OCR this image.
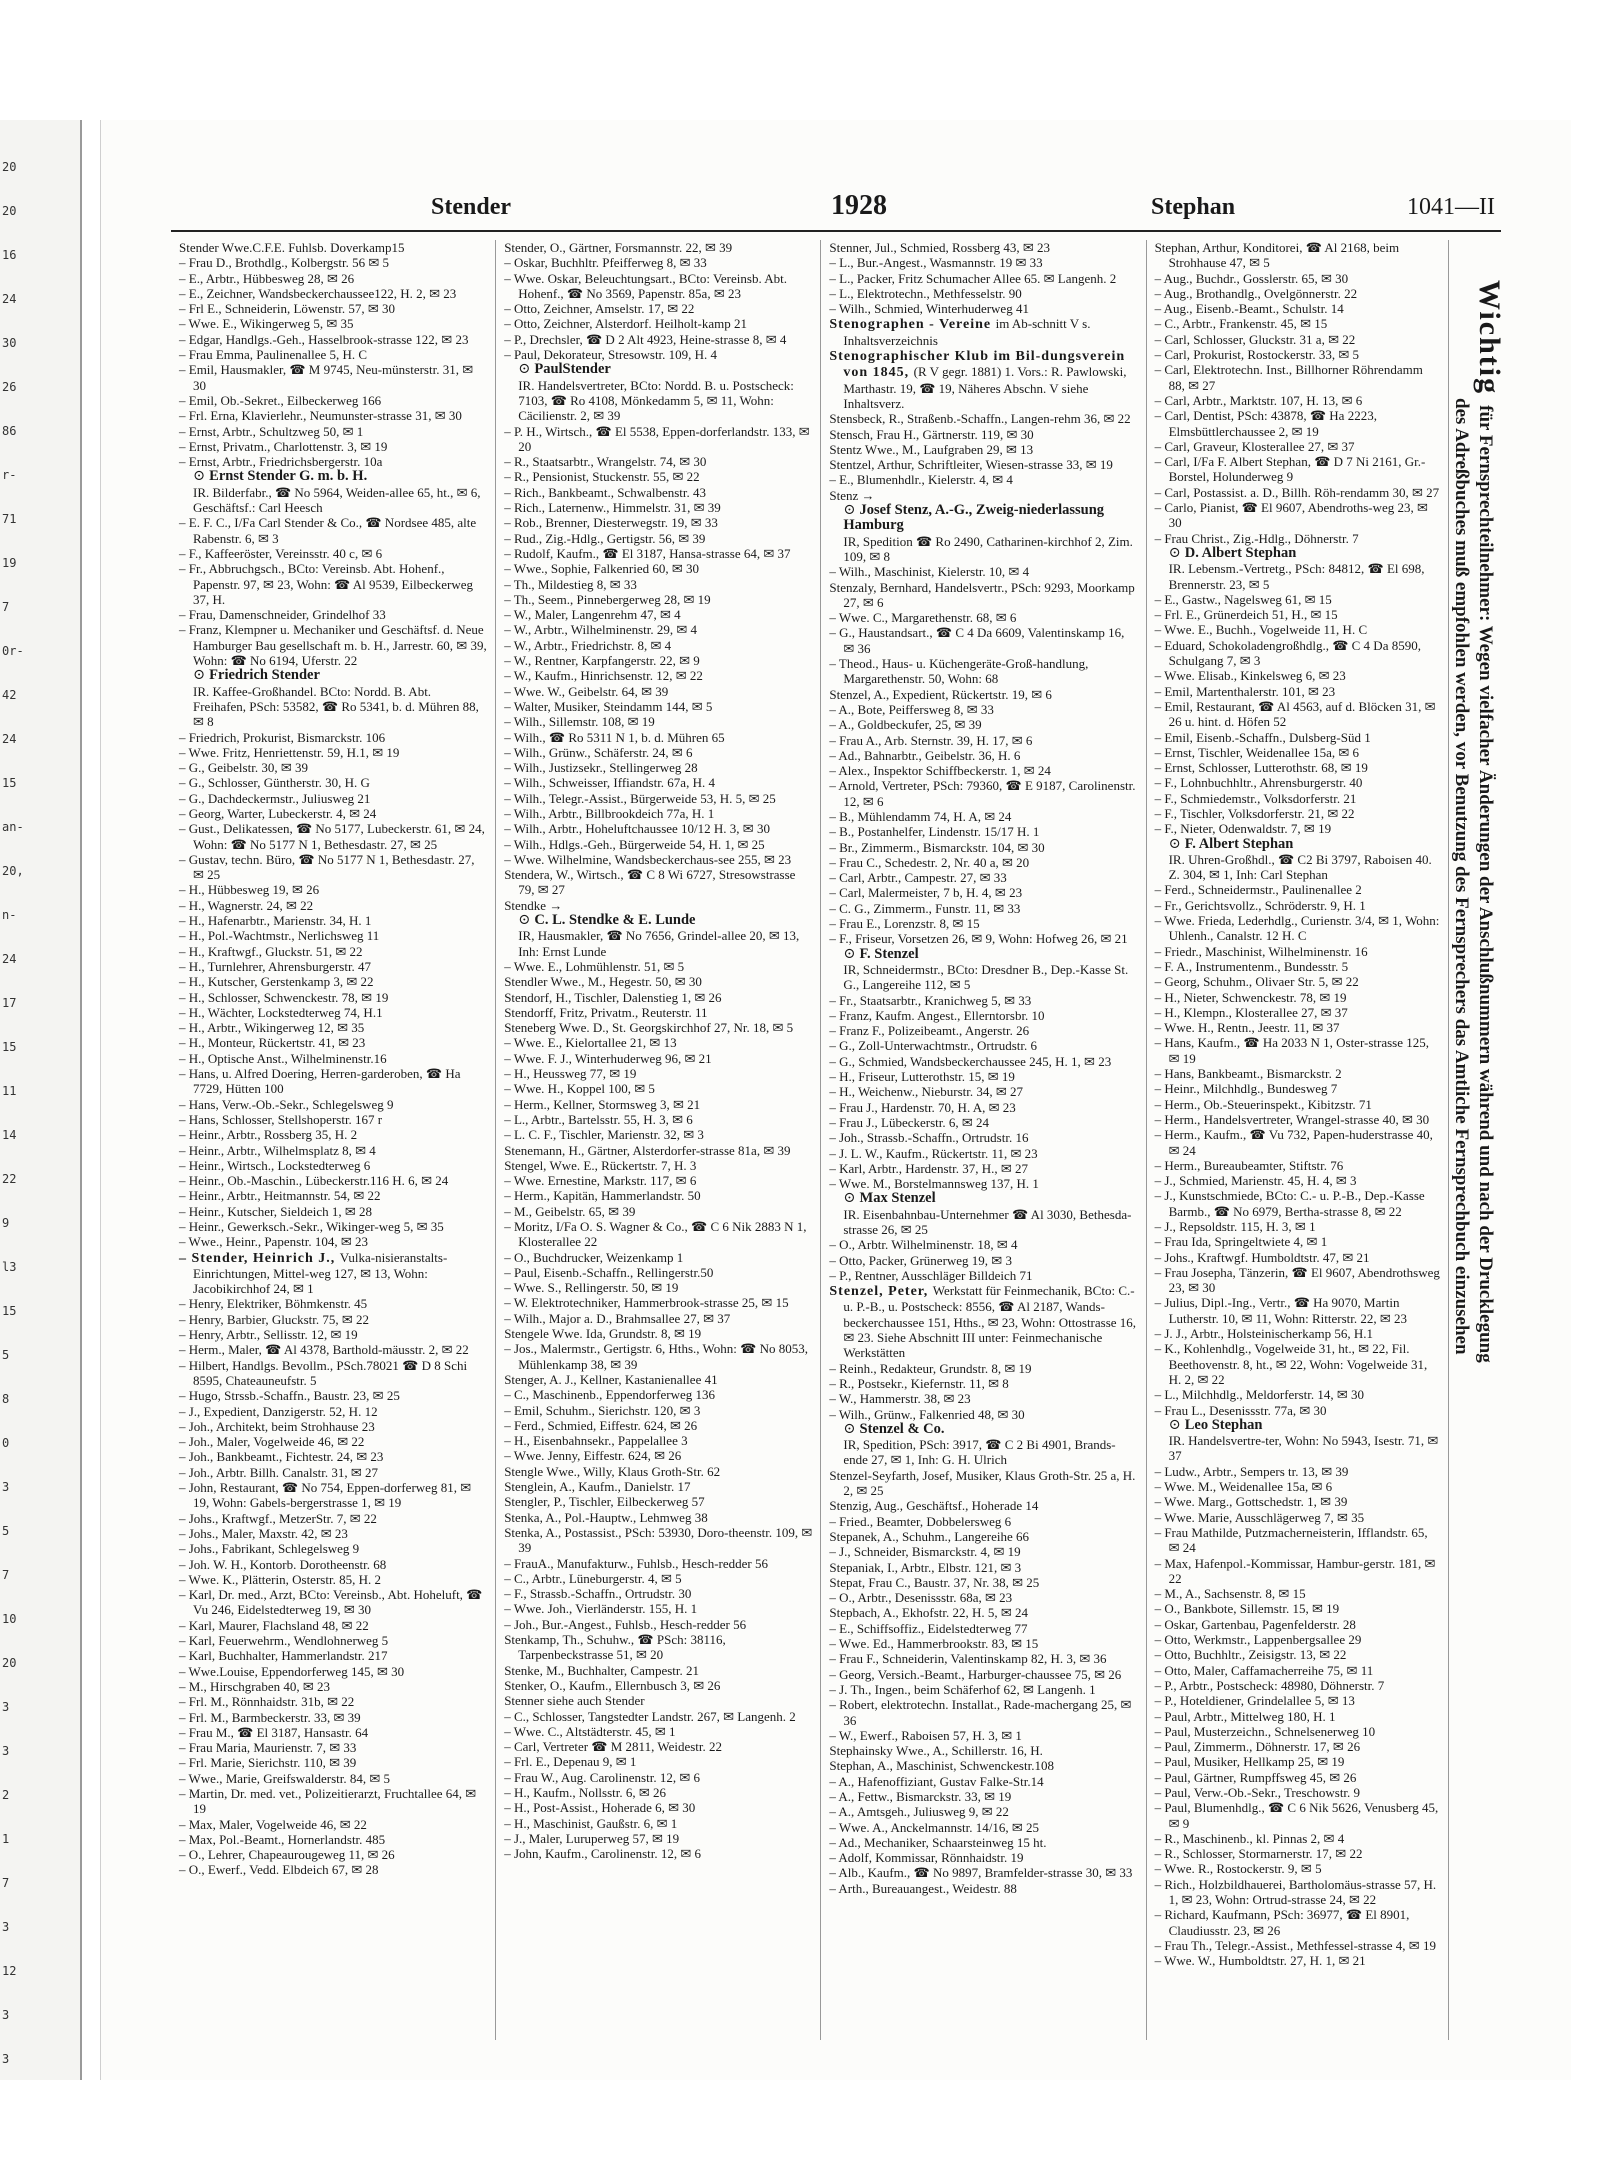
20
20
16
24
30
26
86
r-
71
19
7
0r-
42
24
15
an-
20,
n-
24
17
15
11
14
22
9
l3
15
5
8
0
3
5
7
10
20
3
3
2
1
7
3
12
3
3
Stender	1928	Stephan	1041—II

Stender Wwe.C.F.E. Fuhlsb. Doverkamp15

– Frau D., Brothdlg., Kolbergstr. 56 ✉ 5

– E., Arbtr., Hübbesweg 28, ✉ 26

– E., Zeichner, Wandsbeckerchaussee122, H. 2, ✉ 23

– Frl E., Schneiderin, Löwenstr. 57, ✉ 30

– Wwe. E., Wikingerweg 5, ✉ 35

– Edgar, Handlgs.-Geh., Hasselbrook-strasse 122, ✉ 23

– Frau Emma, Paulinenallee 5, H. C

– Emil, Hausmakler, ☎ M 9745, Neu-münsterstr. 31, ✉ 30

– Emil, Ob.-Sekret., Eilbeckerweg 166

– Frl. Erna, Klavierlehr., Neumunster-strasse 31, ✉ 30

– Ernst, Arbtr., Schultzweg 50, ✉ 1

– Ernst, Privatm., Charlottenstr. 3, ✉ 19

– Ernst, Arbtr., Friedrichsbergerstr. 10a

⊙ Ernst Stender G. m. b. H.
IR. Bilderfabr., ☎ No 5964, Weiden-allee 65, ht., ✉ 6, Geschäftsf.: Carl Heesch

– E. F. C., I/Fa Carl Stender & Co., ☎ Nordsee 485, alte Rabenstr. 6, ✉ 3

– F., Kaffeeröster, Vereinsstr. 40 c, ✉ 6

– Fr., Abbruchgsch., BCto: Vereinsb. Abt. Hohenf., Papenstr. 97, ✉ 23, Wohn: ☎ Al 9539, Eilbeckerweg 37, H.

– Frau, Damenschneider, Grindelhof 33

– Franz, Klempner u. Mechaniker und Geschäftsf. d. Neue Hamburger Bau gesellschaft m. b. H., Jarrestr. 60, ✉ 39, Wohn: ☎ No 6194, Uferstr. 22

⊙ Friedrich Stender
IR. Kaffee-Großhandel. BCto: Nordd. B. Abt. Freihafen, PSch: 53582, ☎ Ro 5341, b. d. Mühren 88, ✉ 8

– Friedrich, Prokurist, Bismarckstr. 106

– Wwe. Fritz, Henriettenstr. 59, H.1, ✉ 19

– G., Geibelstr. 30, ✉ 39

– G., Schlosser, Güntherstr. 30, H. G

– G., Dachdeckermstr., Juliusweg 21

– Georg, Warter, Lubeckerstr. 4, ✉ 24

– Gust., Delikatessen, ☎ No 5177, Lubeckerstr. 61, ✉ 24, Wohn: ☎ No 5177 N 1, Bethesdastr. 27, ✉ 25

– Gustav, techn. Büro, ☎ No 5177 N 1, Bethesdastr. 27, ✉ 25

– H., Hübbesweg 19, ✉ 26

– H., Wagnerstr. 24, ✉ 22

– H., Hafenarbtr., Marienstr. 34, H. 1

– H., Pol.-Wachtmstr., Nerlichsweg 11

– H., Kraftwgf., Gluckstr. 51, ✉ 22

– H., Turnlehrer, Ahrensburgerstr. 47

– H., Kutscher, Gerstenkamp 3, ✉ 22

– H., Schlosser, Schwenckestr. 78, ✉ 19

– H., Wächter, Lockstedterweg 74, H.1

– H., Arbtr., Wikingerweg 12, ✉ 35

– H., Monteur, Rückertstr. 41, ✉ 23

– H., Optische Anst., Wilhelminenstr.16

– Hans, u. Alfred Doering, Herren-garderoben, ☎ Ha 7729, Hütten 100

– Hans, Verw.-Ob.-Sekr., Schlegelsweg 9

– Hans, Schlosser, Stellshoperstr. 167 r

– Heinr., Arbtr., Rossberg 35, H. 2

– Heinr., Arbtr., Wilhelmsplatz 8, ✉ 4

– Heinr., Wirtsch., Lockstedterweg 6

– Heinr., Ob.-Maschin., Lübeckerstr.116 H. 6, ✉ 24

– Heinr., Arbtr., Heitmannstr. 54, ✉ 22

– Heinr., Kutscher, Sieldeich 1, ✉ 28

– Heinr., Gewerksch.-Sekr., Wikinger-weg 5, ✉ 35

– Wwe., Heinr., Papenstr. 104, ✉ 23

– Stender, Heinrich J., Vulka-nisieranstalts-Einrichtungen, Mittel-weg 127, ✉ 13, Wohn: Jacobikirchhof 24, ✉ 1

– Henry, Elektriker, Böhmkenstr. 45

– Henry, Barbier, Gluckstr. 75, ✉ 22

– Henry, Arbtr., Sellisstr. 12, ✉ 19

– Herm., Maler, ☎ Al 4378, Barthold-mäusstr. 2, ✉ 22

– Hilbert, Handlgs. Bevollm., PSch.78021 ☎ D 8 Schi 8595, Chateauneufstr. 5

– Hugo, Strssb.-Schaffn., Baustr. 23, ✉ 25

– J., Expedient, Danzigerstr. 52, H. 12

– Joh., Architekt, beim Strohhause 23

– Joh., Maler, Vogelweide 46, ✉ 22

– Joh., Bankbeamt., Fichtestr. 24, ✉ 23

– Joh., Arbtr. Billh. Canalstr. 31, ✉ 27

– John, Restaurant, ☎ No 754, Eppen-dorferweg 81, ✉ 19, Wohn: Gabels-bergerstrasse 1, ✉ 19

– Johs., Kraftwgf., MetzerStr. 7, ✉ 22

– Johs., Maler, Maxstr. 42, ✉ 23

– Johs., Fabrikant, Schlegelsweg 9

– Joh. W. H., Kontorb. Dorotheenstr. 68

– Wwe. K., Plätterin, Osterstr. 85, H. 2

– Karl, Dr. med., Arzt, BCto: Vereinsb., Abt. Hoheluft, ☎ Vu 246, Eidelstedterweg 19, ✉ 30

– Karl, Maurer, Flachsland 48, ✉ 22

– Karl, Feuerwehrm., Wendlohnerweg 5

– Karl, Buchhalter, Hammerlandstr. 217

– Wwe.Louise, Eppendorferweg 145, ✉ 30

– M., Hirschgraben 40, ✉ 23

– Frl. M., Rönnhaidstr. 31b, ✉ 22

– Frl. M., Barmbeckerstr. 33, ✉ 39

– Frau M., ☎ El 3187, Hansastr. 64

– Frau Maria, Maurienstr. 7, ✉ 33

– Frl. Marie, Sierichstr. 110, ✉ 39

– Wwe., Marie, Greifswalderstr. 84, ✉ 5

– Martin, Dr. med. vet., Polizeitierarzt, Fruchtallee 64, ✉ 19

– Max, Maler, Vogelweide 46, ✉ 22

– Max, Pol.-Beamt., Hornerlandstr. 485

– O., Lehrer, Chapeaurougeweg 11, ✉ 26

– O., Ewerf., Vedd. Elbdeich 67, ✉ 28

Stender, O., Gärtner, Forsmannstr. 22, ✉ 39

– Oskar, Buchhltr. Pfeifferweg 8, ✉ 33

– Wwe. Oskar, Beleuchtungsart., BCto: Vereinsb. Abt. Hohenf., ☎ No 3569, Papenstr. 85a, ✉ 23

– Otto, Zeichner, Amselstr. 17, ✉ 22

– Otto, Zeichner, Alsterdorf. Heilholt-kamp 21

– P., Drechsler, ☎ D 2 Alt 4923, Heine-strasse 8, ✉ 4

– Paul, Dekorateur, Stresowstr. 109, H. 4

⊙ PaulStender
IR. Handelsvertreter, BCto: Nordd. B. u. Postscheck: 7103, ☎ Ro 4108, Mönkedamm 5, ✉ 11, Wohn: Cäcilienstr. 2, ✉ 39

– P. H., Wirtsch., ☎ El 5538, Eppen-dorferlandstr. 133, ✉ 20

– R., Staatsarbtr., Wrangelstr. 74, ✉ 30

– R., Pensionist, Stuckenstr. 55, ✉ 22

– Rich., Bankbeamt., Schwalbenstr. 43

– Rich., Laternenw., Himmelstr. 31, ✉ 39

– Rob., Brenner, Diesterwegstr. 19, ✉ 33

– Rud., Zig.-Hdlg., Gertigstr. 56, ✉ 39

– Rudolf, Kaufm., ☎ El 3187, Hansa-strasse 64, ✉ 37

– Wwe., Sophie, Falkenried 60, ✉ 30

– Th., Mildestieg 8, ✉ 33

– Th., Seem., Pinnebergerweg 28, ✉ 19

– W., Maler, Langenrehm 47, ✉ 4

– W., Arbtr., Wilhelminenstr. 29, ✉ 4

– W., Arbtr., Friedrichstr. 8, ✉ 4

– W., Rentner, Karpfangerstr. 22, ✉ 9

– W., Kaufm., Hinrichsenstr. 12, ✉ 22

– Wwe. W., Geibelstr. 64, ✉ 39

– Walter, Musiker, Steindamm 144, ✉ 5

– Wilh., Sillemstr. 108, ✉ 19

– Wilh., ☎ Ro 5311 N 1, b. d. Mühren 65

– Wilh., Grünw., Schäferstr. 24, ✉ 6

– Wilh., Justizsekr., Stellingerweg 28

– Wilh., Schweisser, Iffiandstr. 67a, H. 4

– Wilh., Telegr.-Assist., Bürgerweide 53, H. 5, ✉ 25

– Wilh., Arbtr., Billbrookdeich 77a, H. 1

– Wilh., Arbtr., Hoheluftchaussee 10/12 H. 3, ✉ 30

– Wilh., Hdlgs.-Geh., Bürgerweide 54, H. 1, ✉ 25

– Wwe. Wilhelmine, Wandsbeckerchaus-see 255, ✉ 23

Stendera, W., Wirtsch., ☎ C 8 Wi 6727, Stresowstrasse 79, ✉ 27

Stendke →

⊙ C. L. Stendke & E. Lunde
IR, Hausmakler, ☎ No 7656, Grindel-allee 20, ✉ 13, Inh: Ernst Lunde

– Wwe. E., Lohmühlenstr. 51, ✉ 5

Stendler Wwe., M., Hegestr. 50, ✉ 30

Stendorf, H., Tischler, Dalenstieg 1, ✉ 26

Stendorff, Fritz, Privatm., Reuterstr. 11

Steneberg Wwe. D., St. Georgskirchhof 27, Nr. 18, ✉ 5

– Wwe. E., Kielortallee 21, ✉ 13

– Wwe. F. J., Winterhuderweg 96, ✉ 21

– H., Heussweg 77, ✉ 19

– Wwe. H., Koppel 100, ✉ 5

– Herm., Kellner, Stormsweg 3, ✉ 21

– L., Arbtr., Bartelsstr. 55, H. 3, ✉ 6

– L. C. F., Tischler, Marienstr. 32, ✉ 3

Stenemann, H., Gärtner, Alsterdorfer-strasse 81a, ✉ 39

Stengel, Wwe. E., Rückertstr. 7, H. 3

– Wwe. Ernestine, Markstr. 117, ✉ 6

– Herm., Kapitän, Hammerlandstr. 50

– M., Geibelstr. 65, ✉ 39

– Moritz, I/Fa O. S. Wagner & Co., ☎ C 6 Nik 2883 N 1, Klosterallee 22

– O., Buchdrucker, Weizenkamp 1

– Paul, Eisenb.-Schaffn., Rellingerstr.50

– Wwe. S., Rellingerstr. 50, ✉ 19

– W. Elektrotechniker, Hammerbrook-strasse 25, ✉ 15

– Wilh., Major a. D., Brahmsallee 27, ✉ 37

Stengele Wwe. Ida, Grundstr. 8, ✉ 19

– Jos., Malermstr., Gertigstr. 6, Hths., Wohn: ☎ No 8053, Mühlenkamp 38, ✉ 39

Stenger, A. J., Kellner, Kastanienallee 41

– C., Maschinenb., Eppendorferweg 136

– Emil, Schuhm., Sierichstr. 120, ✉ 3

– Ferd., Schmied, Eiffestr. 624, ✉ 26

– H., Eisenbahnsekr., Pappelallee 3

– Wwe. Jenny, Eiffestr. 624, ✉ 26

Stengle Wwe., Willy, Klaus Groth-Str. 62

Stenglein, A., Kaufm., Danielstr. 17

Stengler, P., Tischler, Eilbeckerweg 57

Stenka, A., Pol.-Hauptw., Lehmweg 38

Stenka, A., Postassist., PSch: 53930, Doro-theenstr. 109, ✉ 39

– FrauA., Manufakturw., Fuhlsb., Hesch-redder 56

– C., Arbtr., Lüneburgerstr. 4, ✉ 5

– F., Strassb.-Schaffn., Ortrudstr. 30

– Wwe. Joh., Vierländerstr. 155, H. 1

– Joh., Bur.-Angest., Fuhlsb., Hesch-redder 56

Stenkamp, Th., Schuhw., ☎ PSch: 38116, Tarpenbeckstrasse 51, ✉ 20

Stenke, M., Buchhalter, Campestr. 21

Stenker, O., Kaufm., Ellernbusch 3, ✉ 26

Stenner siehe auch Stender

– C., Schlosser, Tangstedter Landstr. 267, ✉ Langenh. 2

– Wwe. C., Altstädterstr. 45, ✉ 1

– Carl, Vertreter ☎ M 2811, Weidestr. 22

– Frl. E., Depenau 9, ✉ 1

– Frau W., Aug. Carolinenstr. 12, ✉ 6

– H., Kaufm., Nollsstr. 6, ✉ 26

– H., Post-Assist., Hoherade 6, ✉ 30

– H., Maschinist, Gaußstr. 6, ✉ 1

– J., Maler, Luruperweg 57, ✉ 19

– John, Kaufm., Carolinenstr. 12, ✉ 6

Stenner, Jul., Schmied, Rossberg 43, ✉ 23

– L., Bur.-Angest., Wasmannstr. 19 ✉ 33

– L., Packer, Fritz Schumacher Allee 65. ✉ Langenh. 2

– L., Elektrotechn., Methfesselstr. 90

– Wilh., Schmied, Winterhuderweg 41

Stenographen - Vereine im Ab-schnitt V s. Inhaltsverzeichnis

Stenographischer Klub im Bil-dungsverein von 1845, (R V gegr. 1881) 1. Vors.: R. Pawlowski, Marthastr. 19, ☎ 19, Näheres Abschn. V siehe Inhaltsverz.

Stensbeck, R., Straßenb.-Schaffn., Langen-rehm 36, ✉ 22

Stensch, Frau H., Gärtnerstr. 119, ✉ 30

Stentz Wwe., M., Laufgraben 29, ✉ 13

Stentzel, Arthur, Schriftleiter, Wiesen-strasse 33, ✉ 19

– E., Blumenhdlr., Kielerstr. 4, ✉ 4

Stenz →

⊙ Josef Stenz, A.-G., Zweig-niederlassung Hamburg
IR, Spedition ☎ Ro 2490, Catharinen-kirchhof 2, Zim. 109, ✉ 8

– Wilh., Maschinist, Kielerstr. 10, ✉ 4

Stenzaly, Bernhard, Handelsvertr., PSch: 9293, Moorkamp 27, ✉ 6

– Wwe. C., Margarethenstr. 68, ✉ 6

– G., Haustandsart., ☎ C 4 Da 6609, Valentinskamp 16, ✉ 36

– Theod., Haus- u. Küchengeräte-Groß-handlung, Margarethenstr. 50, Wohn: 68

Stenzel, A., Expedient, Rückertstr. 19, ✉ 6

– A., Bote, Peiffersweg 8, ✉ 33

– A., Goldbeckufer, 25, ✉ 39

– Frau A., Arb. Sternstr. 39, H. 17, ✉ 6

– Ad., Bahnarbtr., Geibelstr. 36, H. 6

– Alex., Inspektor Schiffbeckerstr. 1, ✉ 24

– Arnold, Vertreter, PSch: 79360, ☎ E 9187, Carolinenstr. 12, ✉ 6

– B., Mühlendamm 74, H. A, ✉ 24

– B., Postanhelfer, Lindenstr. 15/17 H. 1

– Br., Zimmerm., Bismarckstr. 104, ✉ 30

– Frau C., Schedestr. 2, Nr. 40 a, ✉ 20

– Carl, Arbtr., Campestr. 27, ✉ 33

– Carl, Malermeister, 7 b, H. 4, ✉ 23

– C. G., Zimmerm., Funstr. 11, ✉ 33

– Frau E., Lorenzstr. 8, ✉ 15

– F., Friseur, Vorsetzen 26, ✉ 9, Wohn: Hofweg 26, ✉ 21

⊙ F. Stenzel
IR, Schneidermstr., BCto: Dresdner B., Dep.-Kasse St. G., Langereihe 112, ✉ 5

– Fr., Staatsarbtr., Kranichweg 5, ✉ 33

– Franz, Kaufm. Angest., Ellerntorsbr. 10

– Franz F., Polizeibeamt., Angerstr. 26

– G., Zoll-Unterwachtmstr., Ortrudstr. 6

– G., Schmied, Wandsbeckerchaussee 245, H. 1, ✉ 23

– H., Friseur, Lutterothstr. 15, ✉ 19

– H., Weichenw., Nieburstr. 34, ✉ 27

– Frau J., Hardenstr. 70, H. A, ✉ 23

– Frau J., Lübeckerstr. 6, ✉ 24

– Joh., Strassb.-Schaffn., Ortrudstr. 16

– J. L. W., Kaufm., Rückertstr. 11, ✉ 23

– Karl, Arbtr., Hardenstr. 37, H., ✉ 27

– Wwe. M., Borstelmannsweg 137, H. 1

⊙ Max Stenzel
IR. Eisenbahnbau-Unternehmer ☎ Al 3030, Bethesda-strasse 26, ✉ 25

– O., Arbtr. Wilhelminenstr. 18, ✉ 4

– Otto, Packer, Grünerweg 19, ✉ 3

– P., Rentner, Ausschläger Billdeich 71

Stenzel, Peter, Werkstatt für Feinmechanik, BCto: C.- u. P.-B., u. Postscheck: 8556, ☎ Al 2187, Wands-beckerchaussee 151, Hths., ✉ 23, Wohn: Ottostrasse 16, ✉ 23. Siehe Abschnitt III unter: Feinmechanische Werkstätten

– Reinh., Redakteur, Grundstr. 8, ✉ 19

– R., Postsekr., Kiefernstr. 11, ✉ 8

– W., Hammerstr. 38, ✉ 23

– Wilh., Grünw., Falkenried 48, ✉ 30

⊙ Stenzel & Co.
IR, Spedition, PSch: 3917, ☎ C 2 Bi 4901, Brands-ende 27, ✉ 1, Inh: G. H. Ulrich

Stenzel-Seyfarth, Josef, Musiker, Klaus Groth-Str. 25 a, H. 2, ✉ 25

Stenzig, Aug., Geschäftsf., Hoherade 14

– Fried., Beamter, Dobbelersweg 6

Stepanek, A., Schuhm., Langereihe 66

– J., Schneider, Bismarckstr. 4, ✉ 19

Stepaniak, I., Arbtr., Elbstr. 121, ✉ 3

Stepat, Frau C., Baustr. 37, Nr. 38, ✉ 25

– O., Arbtr., Desenissstr. 68a, ✉ 23

Stepbach, A., Ekhofstr. 22, H. 5, ✉ 24

– E., Schiffsoffiz., Eidelstedterweg 77

– Wwe. Ed., Hammerbrookstr. 83, ✉ 15

– Frau F., Schneiderin, Valentinskamp 82, H. 3, ✉ 36

– Georg, Versich.-Beamt., Harburger-chaussee 75, ✉ 26

– J. Th., Ingen., beim Schäferhof 62, ✉ Langenh. 1

– Robert, elektrotechn. Installat., Rade-machergang 25, ✉ 36

– W., Ewerf., Raboisen 57, H. 3, ✉ 1

Stephainsky Wwe., A., Schillerstr. 16, H.

Stephan, A., Maschinist, Schwenckestr.108

– A., Hafenoffiziant, Gustav Falke-Str.14

– A., Fettw., Bismarckstr. 33, ✉ 19

– A., Amtsgeh., Juliusweg 9, ✉ 22

– Wwe. A., Anckelmannstr. 14/16, ✉ 25

– Ad., Mechaniker, Schaarsteinweg 15 ht.

– Adolf, Kommissar, Rönnhaidstr. 19

– Alb., Kaufm., ☎ No 9897, Bramfelder-strasse 30, ✉ 33

– Arth., Bureauangest., Weidestr. 88

Stephan, Arthur, Konditorei, ☎ Al 2168, beim Strohhause 47, ✉ 5

– Aug., Buchdr., Gosslerstr. 65, ✉ 30

– Aug., Brothandlg., Ovelgönnerstr. 22

– Aug., Eisenb.-Beamt., Schulstr. 14

– C., Arbtr., Frankenstr. 45, ✉ 15

– Carl, Schlosser, Gluckstr. 31 a, ✉ 22

– Carl, Prokurist, Rostockerstr. 33, ✉ 5

– Carl, Elektrotechn. Inst., Billhorner Röhrendamm 88, ✉ 27

– Carl, Arbtr., Marktstr. 107, H. 13, ✉ 6

– Carl, Dentist, PSch: 43878, ☎ Ha 2223, Elmsbüttlerchaussee 2, ✉ 19

– Carl, Graveur, Klosterallee 27, ✉ 37

– Carl, I/Fa F. Albert Stephan, ☎ D 7 Ni 2161, Gr.-Borstel, Holunderweg 9

– Carl, Postassist. a. D., Billh. Röh-rendamm 30, ✉ 27

– Carlo, Pianist, ☎ El 9607, Abendroths-weg 23, ✉ 30

– Frau Christ., Zig.-Hdlg., Döhnerstr. 7

⊙ D. Albert Stephan
IR. Lebensm.-Vertretg., PSch: 84812, ☎ El 698, Brennerstr. 23, ✉ 5

– E., Gastw., Nagelsweg 61, ✉ 15

– Frl. E., Grünerdeich 51, H., ✉ 15

– Wwe. E., Buchh., Vogelweide 11, H. C

– Eduard, Schokoladengroßhdlg., ☎ C 4 Da 8590, Schulgang 7, ✉ 3

– Wwe. Elisab., Kinkelsweg 6, ✉ 23

– Emil, Martenthalerstr. 101, ✉ 23

– Emil, Restaurant, ☎ Al 4563, auf d. Blöcken 31, ✉ 26 u. hint. d. Höfen 52

– Emil, Eisenb.-Schaffn., Dulsberg-Süd 1

– Ernst, Tischler, Weidenallee 15a, ✉ 6

– Ernst, Schlosser, Lutterothstr. 68, ✉ 19

– F., Lohnbuchhltr., Ahrensburgerstr. 40

– F., Schmiedemstr., Volksdorferstr. 21

– F., Tischler, Volksdorferstr. 21, ✉ 22

– F., Nieter, Odenwaldstr. 7, ✉ 19

⊙ F. Albert Stephan
IR. Uhren-Großhdl., ☎ C2 Bi 3797, Raboisen 40. Z. 304, ✉ 1, Inh: Carl Stephan

– Ferd., Schneidermstr., Paulinenallee 2

– Fr., Gerichtsvollz., Schröderstr. 9, H. 1

– Wwe. Frieda, Lederhdlg., Curienstr. 3/4, ✉ 1, Wohn: Uhlenh., Canalstr. 12 H. C

– Friedr., Maschinist, Wilhelminenstr. 16

– F. A., Instrumentenm., Bundesstr. 5

– Georg, Schuhm., Olivaer Str. 5, ✉ 22

– H., Nieter, Schwenckestr. 78, ✉ 19

– H., Klempn., Klosterallee 27, ✉ 37

– Wwe. H., Rentn., Jeestr. 11, ✉ 37

– Hans, Kaufm., ☎ Ha 2033 N 1, Oster-strasse 125, ✉ 19

– Hans, Bankbeamt., Bismarckstr. 2

– Heinr., Milchhdlg., Bundesweg 7

– Herm., Ob.-Steuerinspekt., Kibitzstr. 71

– Herm., Handelsvertreter, Wrangel-strasse 40, ✉ 30

– Herm., Kaufm., ☎ Vu 732, Papen-huderstrasse 40, ✉ 24

– Herm., Bureaubeamter, Stiftstr. 76

– J., Schmied, Marienstr. 45, H. 4, ✉ 3

– J., Kunstschmiede, BCto: C.- u. P.-B., Dep.-Kasse Barmb., ☎ No 6979, Bertha-strasse 8, ✉ 22

– J., Repsoldstr. 115, H. 3, ✉ 1

– Frau Ida, Springeltwiete 4, ✉ 1

– Johs., Kraftwgf. Humboldtstr. 47, ✉ 21

– Frau Josepha, Tänzerin, ☎ El 9607, Abendrothsweg 23, ✉ 30

– Julius, Dipl.-Ing., Vertr., ☎ Ha 9070, Martin Lutherstr. 10, ✉ 11, Wohn: Ritterstr. 22, ✉ 23

– J. J., Arbtr., Holsteinischerkamp 56, H.1

– K., Kohlenhdlg., Vogelweide 31, ht., ✉ 22, Fil. Beethovenstr. 8, ht., ✉ 22, Wohn: Vogelweide 31, H. 2, ✉ 22

– L., Milchhdlg., Meldorferstr. 14, ✉ 30

– Frau L., Desenissstr. 77a, ✉ 30

⊙ Leo Stephan
IR. Handelsvertre-ter, Wohn: No 5943, Isestr. 71, ✉ 37

– Ludw., Arbtr., Sempers tr. 13, ✉ 39

– Wwe. M., Weidenallee 15a, ✉ 6

– Wwe. Marg., Gottschedstr. 1, ✉ 39

– Wwe. Marie, Ausschlägerweg 7, ✉ 35

– Frau Mathilde, Putzmacherneisterin, Ifflandstr. 65, ✉ 24

– Max, Hafenpol.-Kommissar, Hambur-gerstr. 181, ✉ 22

– M., A., Sachsenstr. 8, ✉ 15

– O., Bankbote, Sillemstr. 15, ✉ 19

– Oskar, Gartenbau, Pagenfelderstr. 28

– Otto, Werkmstr., Lappenbergsallee 29

– Otto, Buchhltr., Zeisigstr. 13, ✉ 22

– Otto, Maler, Caffamacherreihe 75, ✉ 11

– P., Arbtr., Postscheck: 48980, Döhnerstr. 7

– P., Hoteldiener, Grindelallee 5, ✉ 13

– Paul, Arbtr., Mittelweg 180, H. 1

– Paul, Musterzeichn., Schnelsenerweg 10

– Paul, Zimmerm., Döhnerstr. 17, ✉ 26

– Paul, Musiker, Hellkamp 25, ✉ 19

– Paul, Gärtner, Rumpffsweg 45, ✉ 26

– Paul, Verw.-Ob.-Sekr., Treschowstr. 9

– Paul, Blumenhdlg., ☎ C 6 Nik 5626, Venusberg 45, ✉ 9

– R., Maschinenb., kl. Pinnas 2, ✉ 4

– R., Schlosser, Stormarnerstr. 17, ✉ 22

– Wwe. R., Rostockerstr. 9, ✉ 5

– Rich., Holzbildhauerei, Bartholomäus-strasse 57, H. 1, ✉ 23, Wohn: Ortrud-strasse 24, ✉ 22

– Richard, Kaufmann, PSch: 36977, ☎ El 8901, Claudiusstr. 23, ✉ 26

– Frau Th., Telegr.-Assist., Methfessel-strasse 4, ✉ 19

– Wwe. W., Humboldtstr. 27, H. 1, ✉ 21

Wichtigfür Fernsprechteilnehmer: Wegen vielfacher Änderungen der Anschlußnummern während und nach der Drucklegung
des Adreßbuches muß empfohlen werden, vor Benutzung des Fernsprechers das Amtliche Fernsprechbuch einzusehen
